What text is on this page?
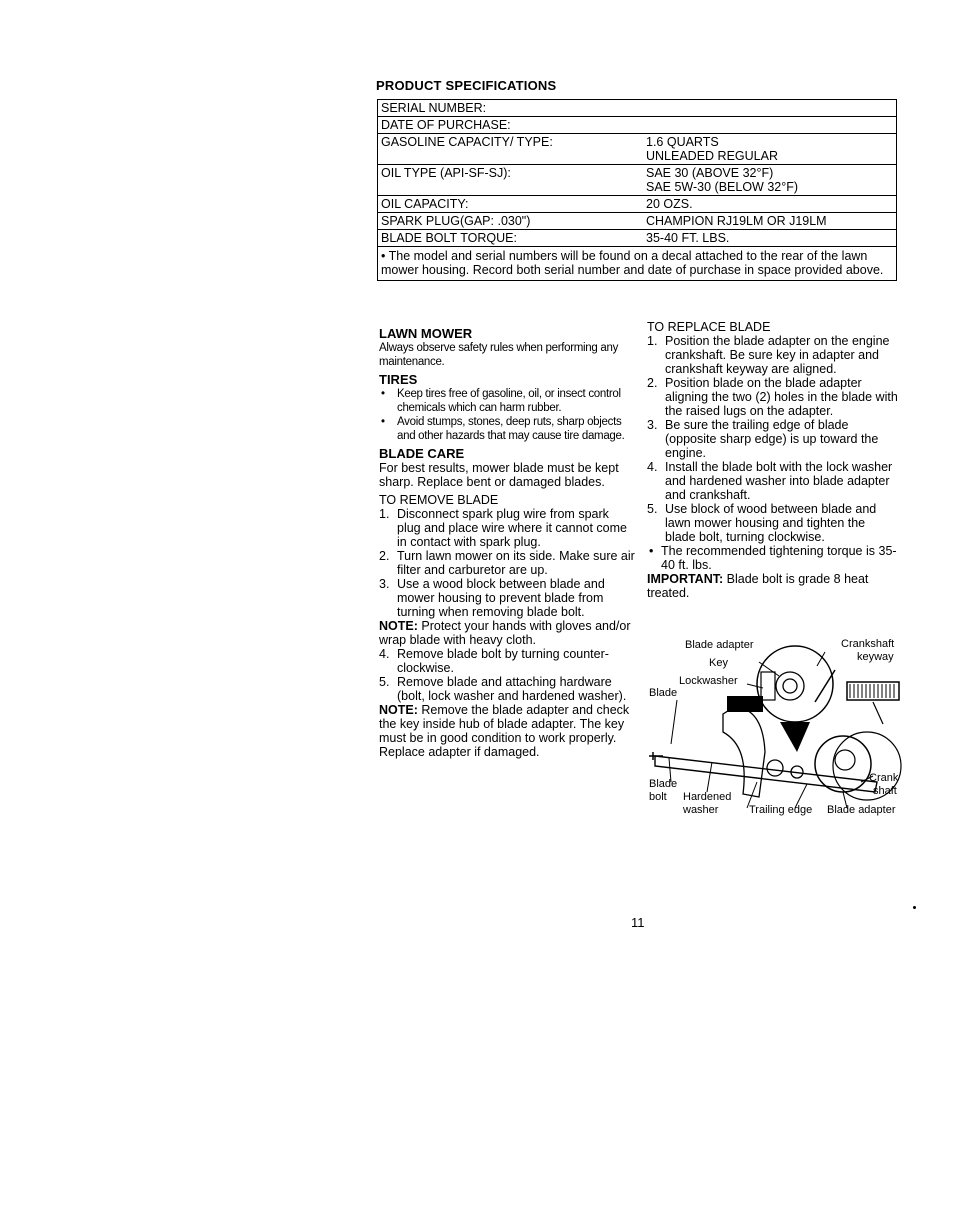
PRODUCT SPECIFICATIONS
SERIAL NUMBER:
DATE OF PURCHASE:
GASOLINE CAPACITY/ TYPE:	1.6 QUARTS
UNLEADED REGULAR
OIL TYPE (API-SF-SJ):	SAE 30 (ABOVE 32°F)
SAE 5W-30 (BELOW 32°F)
OIL CAPACITY:	20 OZS.
SPARK PLUG(GAP: .030")	CHAMPION RJ19LM OR J19LM
BLADE BOLT TORQUE:	35-40 FT. LBS.
• The model and serial numbers will be found on a decal attached to the rear of the lawn mower housing. Record both serial number and date of purchase in space provided above.
LAWN MOWER

Always observe safety rules when performing any maintenance.

TIRES
• Keep tires free of gasoline, oil, or insect control chemicals which can harm rubber.
• Avoid stumps, stones, deep ruts, sharp objects and other hazards that may cause tire damage.
BLADE CARE

For best results, mower blade must be kept sharp. Replace bent or damaged blades.

TO REMOVE BLADE
1. Disconnect spark plug wire from spark plug and place wire where it cannot come in contact with spark plug.
2. Turn lawn mower on its side. Make sure air filter and carburetor are up.
3. Use a wood block between blade and mower housing to prevent blade from turning when removing blade bolt.

NOTE: Protect your hands with gloves and/or wrap blade with heavy cloth.

4. Remove blade bolt by turning counter-clockwise.
5. Remove blade and attaching hardware (bolt, lock washer and hardened washer).

NOTE: Remove the blade adapter and check the key inside hub of blade adapter. The key must be in good condition to work properly. Replace adapter if damaged.

TO REPLACE BLADE
1. Position the blade adapter on the engine crankshaft. Be sure key in adapter and crankshaft keyway are aligned.
2. Position blade on the blade adapter aligning the two (2) holes in the blade with the raised lugs on the adapter.
3. Be sure the trailing edge of blade (opposite sharp edge) is up toward the engine.
4. Install the blade bolt with the lock washer and hardened washer into blade adapter and crankshaft.
5. Use block of wood between blade and lawn mower housing and tighten the blade bolt, turning clockwise.
• The recommended tightening torque is 35-40 ft. lbs.

IMPORTANT: Blade bolt is grade 8 heat treated.

Blade adapter
Key
Lockwasher
Blade
Crankshaft
keyway
Blade
bolt Hardened
washer	Trailing edge Blade adapter
Crank
shaft
11
